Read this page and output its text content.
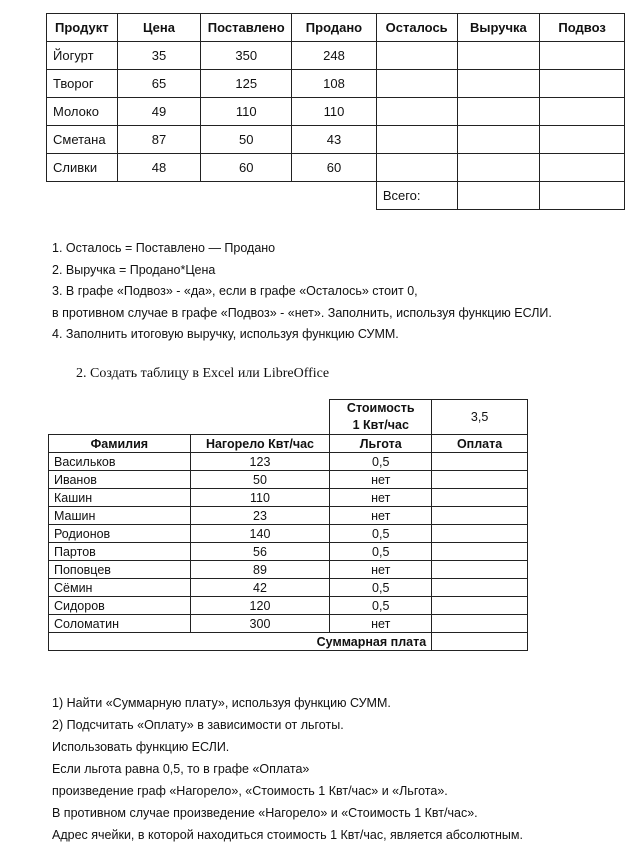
Продукт	Цена	Поставлено	Продано	Осталось	Выручка	Подвоз
Йогурт	35	350	248			
Творог	65	125	108			
Молоко	49	110	110			
Сметана	87	50	43			
Сливки	48	60	60			
				Всего:		
1. Осталось = Поставлено — Продано
2. Выручка = Продано*Цена
3. В графе «Подвоз» - «да», если в графе «Осталось» стоит 0,
в противном случае в графе «Подвоз» - «нет». Заполнить, используя функцию ЕСЛИ.
4. Заполнить итоговую выручку, используя функцию СУММ.
2. Создать таблицу в Excel или LibreOffice

		Стоимость
1 Квт/час	3,5
Фамилия	Нагорело Квт/час	Льгота	Оплата
Васильков	123	0,5	
Иванов	50	нет	
Кашин	110	нет	
Машин	23	нет	
Родионов	140	0,5	
Партов	56	0,5	
Поповцев	89	нет	
Сёмин	42	0,5	
Сидоров	120	0,5	
Соломатин	300	нет	
Суммарная плата			
1) Найти «Суммарную плату», используя функцию СУММ.
2) Подсчитать «Оплату» в зависимости от льготы.
Использовать функцию ЕСЛИ.
Если льгота равна 0,5, то в графе «Оплата»
произведение граф «Нагорело», «Стоимость 1 Квт/час» и «Льгота».
В противном случае произведение «Нагорело» и «Стоимость 1 Квт/час».
Адрес ячейки, в которой находиться стоимость 1 Квт/час, является абсолютным.
